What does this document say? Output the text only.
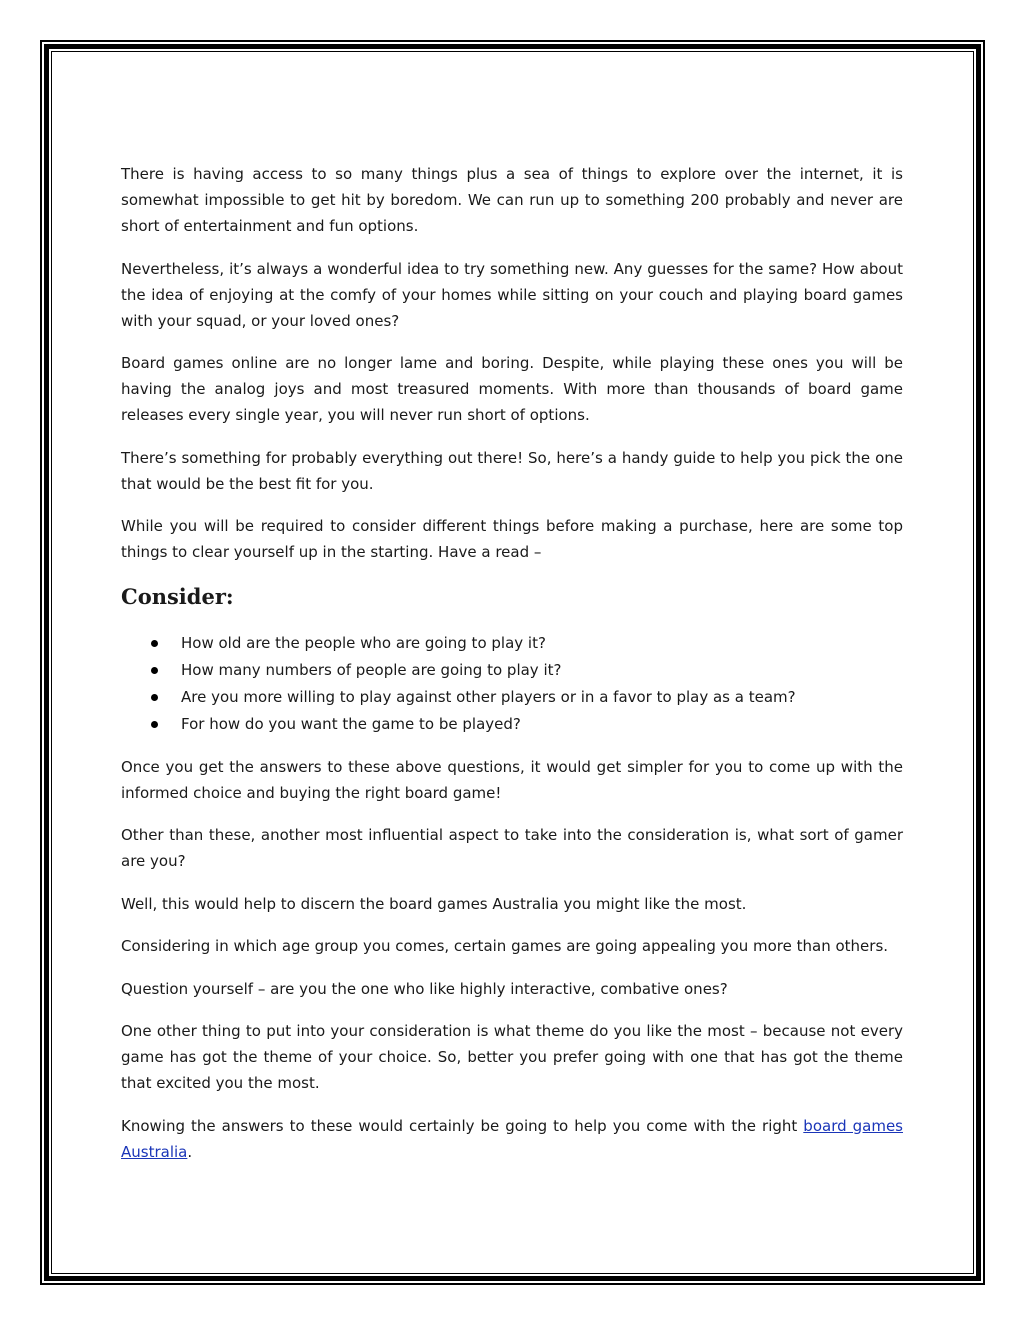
There is having access to so many things plus a sea of things to explore over the internet, it is somewhat impossible to get hit by boredom. We can run up to something 200 probably and never are short of entertainment and fun options.

Nevertheless, it’s always a wonderful idea to try something new. Any guesses for the same? How about the idea of enjoying at the comfy of your homes while sitting on your couch and playing board games with your squad, or your loved ones?

Board games online are no longer lame and boring. Despite, while playing these ones you will be having the analog joys and most treasured moments. With more than thousands of board game releases every single year, you will never run short of options.

There’s something for probably everything out there! So, here’s a handy guide to help you pick the one that would be the best fit for you.

While you will be required to consider different things before making a purchase, here are some top things to clear yourself up in the starting. Have a read –

Consider:
How old are the people who are going to play it?
How many numbers of people are going to play it?
Are you more willing to play against other players or in a favor to play as a team?
For how do you want the game to be played?

Once you get the answers to these above questions, it would get simpler for you to come up with the informed choice and buying the right board game!

Other than these, another most influential aspect to take into the consideration is, what sort of gamer are you?

Well, this would help to discern the board games Australia you might like the most.

Considering in which age group you comes, certain games are going appealing you more than others.

Question yourself – are you the one who like highly interactive, combative ones?

One other thing to put into your consideration is what theme do you like the most – because not every game has got the theme of your choice. So, better you prefer going with one that has got the theme that excited you the most.

Knowing the answers to these would certainly be going to help you come with the right board games Australia.
